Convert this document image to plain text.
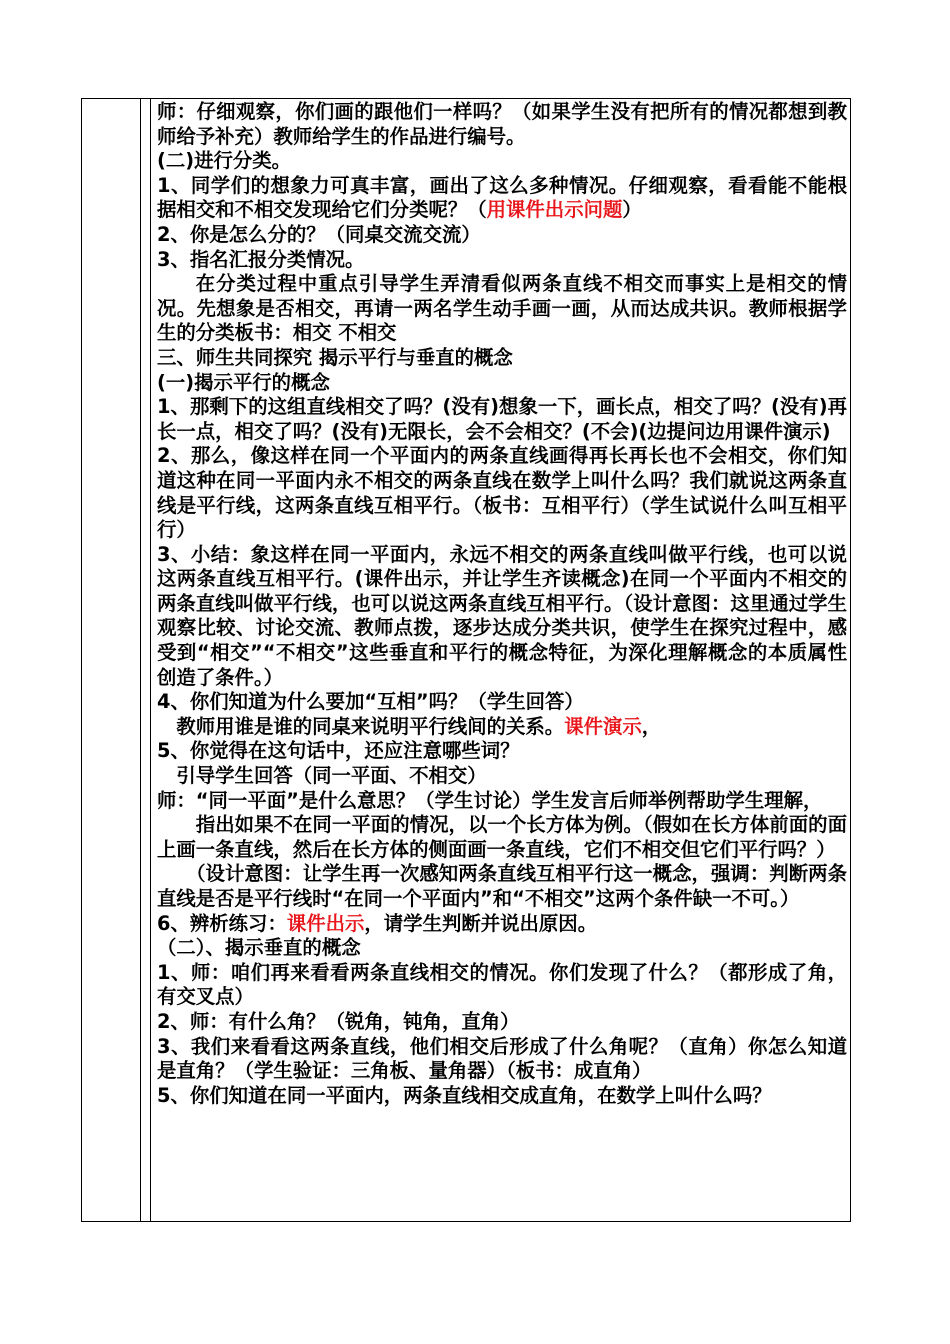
师：仔细观察，你们画的跟他们一样吗？（如果学生没有把所有的情况都想到教师给予补充）教师给学生的作品进行编号。

(二)进行分类。

1、同学们的想象力可真丰富，画出了这么多种情况。仔细观察，看看能不能根据相交和不相交发现给它们分类呢？（用课件出示问题）

2、你是怎么分的？（同桌交流交流）

3、指名汇报分类情况。

在分类过程中重点引导学生弄清看似两条直线不相交而事实上是相交的情况。先想象是否相交，再请一两名学生动手画一画，从而达成共识。教师根据学生的分类板书：相交 不相交

三、师生共同探究 揭示平行与垂直的概念

(一)揭示平行的概念

1、那剩下的这组直线相交了吗？(没有)想象一下，画长点，相交了吗？(没有)再长一点，相交了吗？(没有)无限长，会不会相交？(不会)(边提问边用课件演示)

2、那么，像这样在同一个平面内的两条直线画得再长再长也不会相交，你们知道这种在同一平面内永不相交的两条直线在数学上叫什么吗？我们就说这两条直线是平行线，这两条直线互相平行。（板书：互相平行）（学生试说什么叫互相平行）

3、小结：象这样在同一平面内，永远不相交的两条直线叫做平行线，也可以说这两条直线互相平行。(课件出示，并让学生齐读概念)在同一个平面内不相交的两条直线叫做平行线，也可以说这两条直线互相平行。（设计意图：这里通过学生观察比较、讨论交流、教师点拨，逐步达成分类共识，使学生在探究过程中，感受到“相交”“不相交”这些垂直和平行的概念特征，为深化理解概念的本质属性创造了条件。）

4、你们知道为什么要加“互相”吗？（学生回答）

教师用谁是谁的同桌来说明平行线间的关系。课件演示，

5、你觉得在这句话中，还应注意哪些词？

引导学生回答（同一平面、不相交）

师：“同一平面”是什么意思？（学生讨论）学生发言后师举例帮助学生理解，

指出如果不在同一平面的情况，以一个长方体为例。（假如在长方体前面的面上画一条直线，然后在长方体的侧面画一条直线，它们不相交但它们平行吗？）

（设计意图：让学生再一次感知两条直线互相平行这一概念，强调：判断两条直线是否是平行线时“在同一个平面内”和“不相交”这两个条件缺一不可。）

6、辨析练习：课件出示，请学生判断并说出原因。

（二）、揭示垂直的概念

1、师：咱们再来看看两条直线相交的情况。你们发现了什么？（都形成了角，有交叉点）

2、师：有什么角？（锐角，钝角，直角）

3、我们来看看这两条直线，他们相交后形成了什么角呢？（直角）你怎么知道是直角？（学生验证：三角板、量角器）（板书：成直角）

5、你们知道在同一平面内，两条直线相交成直角，在数学上叫什么吗？
